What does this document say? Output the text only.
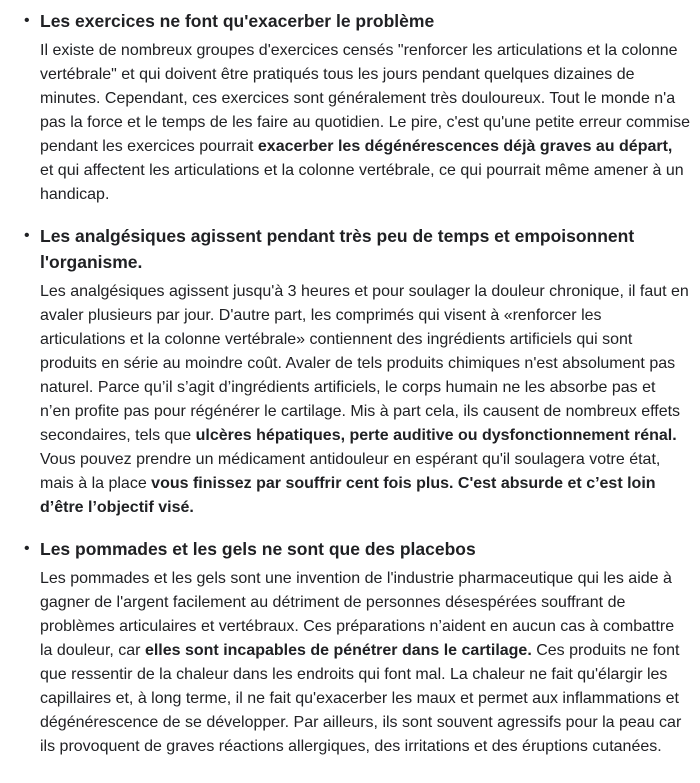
• Les exercices ne font qu'exacerber le problème

Il existe de nombreux groupes d'exercices censés "renforcer les articulations et la colonne vertébrale" et qui doivent être pratiqués tous les jours pendant quelques dizaines de minutes. Cependant, ces exercices sont généralement très douloureux. Tout le monde n'a pas la force et le temps de les faire au quotidien. Le pire, c'est qu'une petite erreur commise pendant les exercices pourrait exacerber les dégénérescences déjà graves au départ, et qui affectent les articulations et la colonne vertébrale, ce qui pourrait même amener à un handicap.

• Les analgésiques agissent pendant très peu de temps et empoisonnent l'organisme.

Les analgésiques agissent jusqu'à 3 heures et pour soulager la douleur chronique, il faut en avaler plusieurs par jour. D'autre part, les comprimés qui visent à «renforcer les articulations et la colonne vertébrale» contiennent des ingrédients artificiels qui sont produits en série au moindre coût. Avaler de tels produits chimiques n'est absolument pas naturel. Parce qu’il s’agit d’ingrédients artificiels, le corps humain ne les absorbe pas et n’en profite pas pour régénérer le cartilage. Mis à part cela, ils causent de nombreux effets secondaires, tels que ulcères hépatiques, perte auditive ou dysfonctionnement rénal. Vous pouvez prendre un médicament antidouleur en espérant qu'il soulagera votre état, mais à la place vous finissez par souffrir cent fois plus. C'est absurde et c’est loin d’être l’objectif visé.

• Les pommades et les gels ne sont que des placebos

Les pommades et les gels sont une invention de l'industrie pharmaceutique qui les aide à gagner de l'argent facilement au détriment de personnes désespérées souffrant de problèmes articulaires et vertébraux. Ces préparations n’aident en aucun cas à combattre la douleur, car elles sont incapables de pénétrer dans le cartilage. Ces produits ne font que ressentir de la chaleur dans les endroits qui font mal. La chaleur ne fait qu'élargir les capillaires et, à long terme, il ne fait qu'exacerber les maux et permet aux inflammations et dégénérescence de se développer. Par ailleurs, ils sont souvent agressifs pour la peau car ils provoquent de graves réactions allergiques, des irritations et des éruptions cutanées.
